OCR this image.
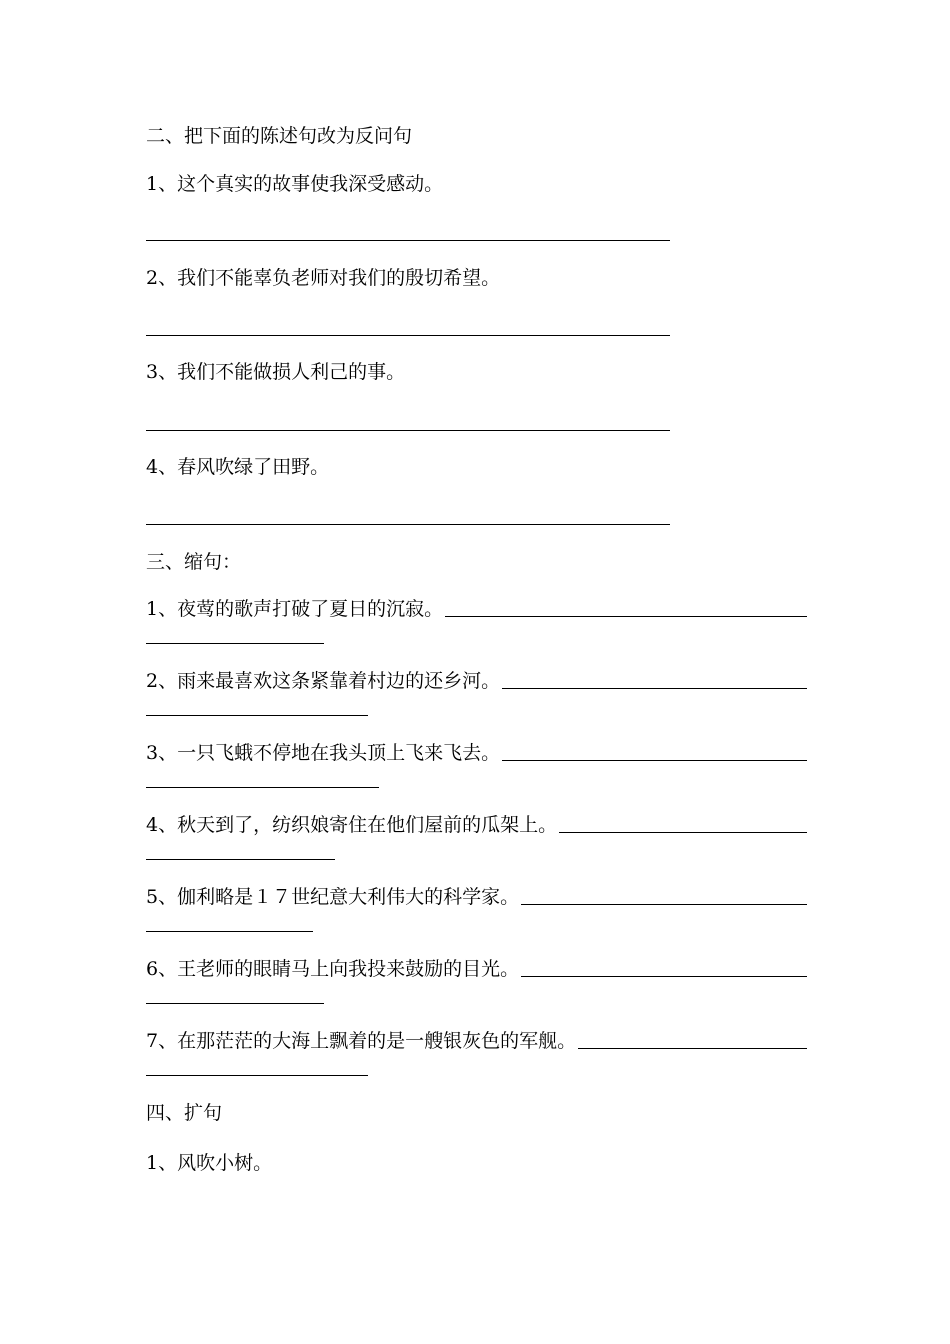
二、把下面的陈述句改为反问句
1、这个真实的故事使我深受感动。
2、我们不能辜负老师对我们的殷切希望。
3、我们不能做损人利己的事。
4、春风吹绿了田野。
三、缩句：
1、夜莺的歌声打破了夏日的沉寂。
2、雨来最喜欢这条紧靠着村边的还乡河。
3、一只飞蛾不停地在我头顶上飞来飞去。
4、秋天到了，纺织娘寄住在他们屋前的瓜架上。
5、伽利略是１７世纪意大利伟大的科学家。
6、王老师的眼睛马上向我投来鼓励的目光。
7、在那茫茫的大海上飘着的是一艘银灰色的军舰。
四、扩句
1、风吹小树。
